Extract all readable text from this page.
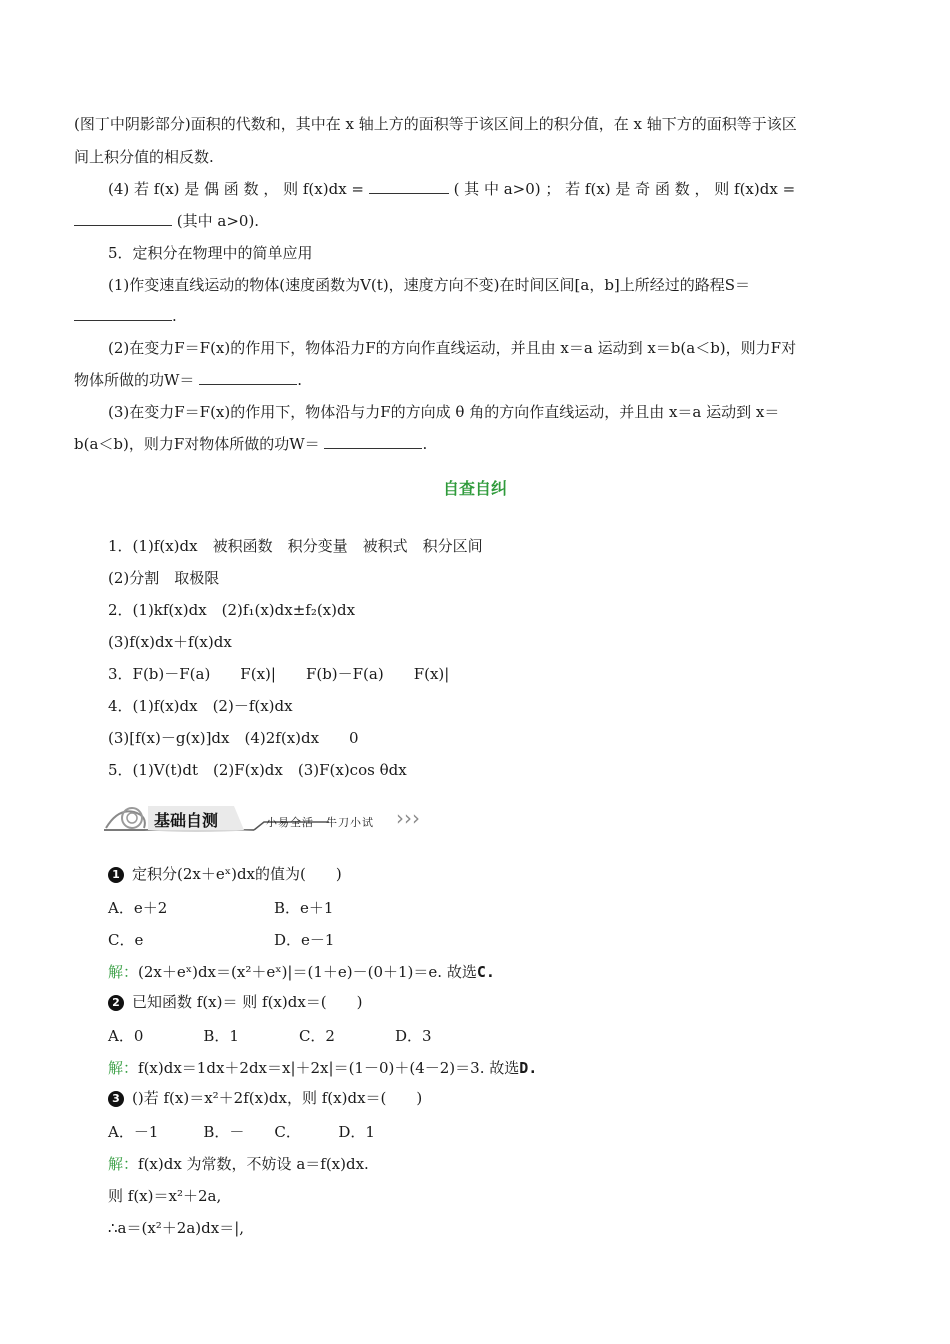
(图丁中阴影部分)面积的代数和，其中在 x 轴上方的面积等于该区间上的积分值，在 x 轴下方的面积等于该区
间上积分值的相反数.
(4) 若 f(x) 是 偶 函 数 ， 则 f(x)dx =	( 其 中 a>0) ； 若 f(x) 是 奇 函 数 ， 则 f(x)dx =
(其中 a>0).
5．定积分在物理中的简单应用
(1)作变速直线运动的物体(速度函数为V(t)，速度方向不变)在时间区间[a，b]上所经过的路程S＝
.
(2)在变力F＝F(x)的作用下，物体沿力F的方向作直线运动，并且由 x＝a 运动到 x＝b(a＜b)，则力F对
物体所做的功W＝	.
(3)在变力F＝F(x)的作用下，物体沿与力F的方向成 θ 角的方向作直线运动，并且由 x＝a 运动到 x＝
b(a＜b)，则力F对物体所做的功W＝	.
自查自纠
1．(1)f(x)dx　被积函数　积分变量　被积式　积分区间
(2)分割　取极限
2．(1)kf(x)dx　(2)f₁(x)dx±f₂(x)dx
(3)f(x)dx＋f(x)dx
3．F(b)－F(a)　　F(x)|　　F(b)－F(a)　　F(x)|
4．(1)f(x)dx　(2)－f(x)dx
(3)[f(x)－g(x)]dx　(4)2f(x)dx　　0
5．(1)V(t)dt　(2)F(x)dx　(3)F(x)cos θdx
基础自测	小易全活　牛刀小试 ›››
1 定积分(2x＋eˣ)dx的值为(　　)
A．e＋2	B．e＋1
C．e	D．e－1
解：(2x＋eˣ)dx＝(x²＋eˣ)|＝(1＋e)－(0＋1)＝e. 故选C.
2 已知函数 f(x)＝ 则 f(x)dx＝(　　)
A．0　　　　B．1　　　　C．2　　　　D．3
解：f(x)dx＝1dx＋2dx＝x|＋2x|＝(1－0)＋(4－2)＝3. 故选D.
3 ()若 f(x)＝x²＋2f(x)dx，则 f(x)dx＝(　　)
A．－1　　　B．－　　C．　　　D．1
解：f(x)dx 为常数，不妨设 a＝f(x)dx.
则 f(x)＝x²＋2a,
∴a＝(x²＋2a)dx＝|,
